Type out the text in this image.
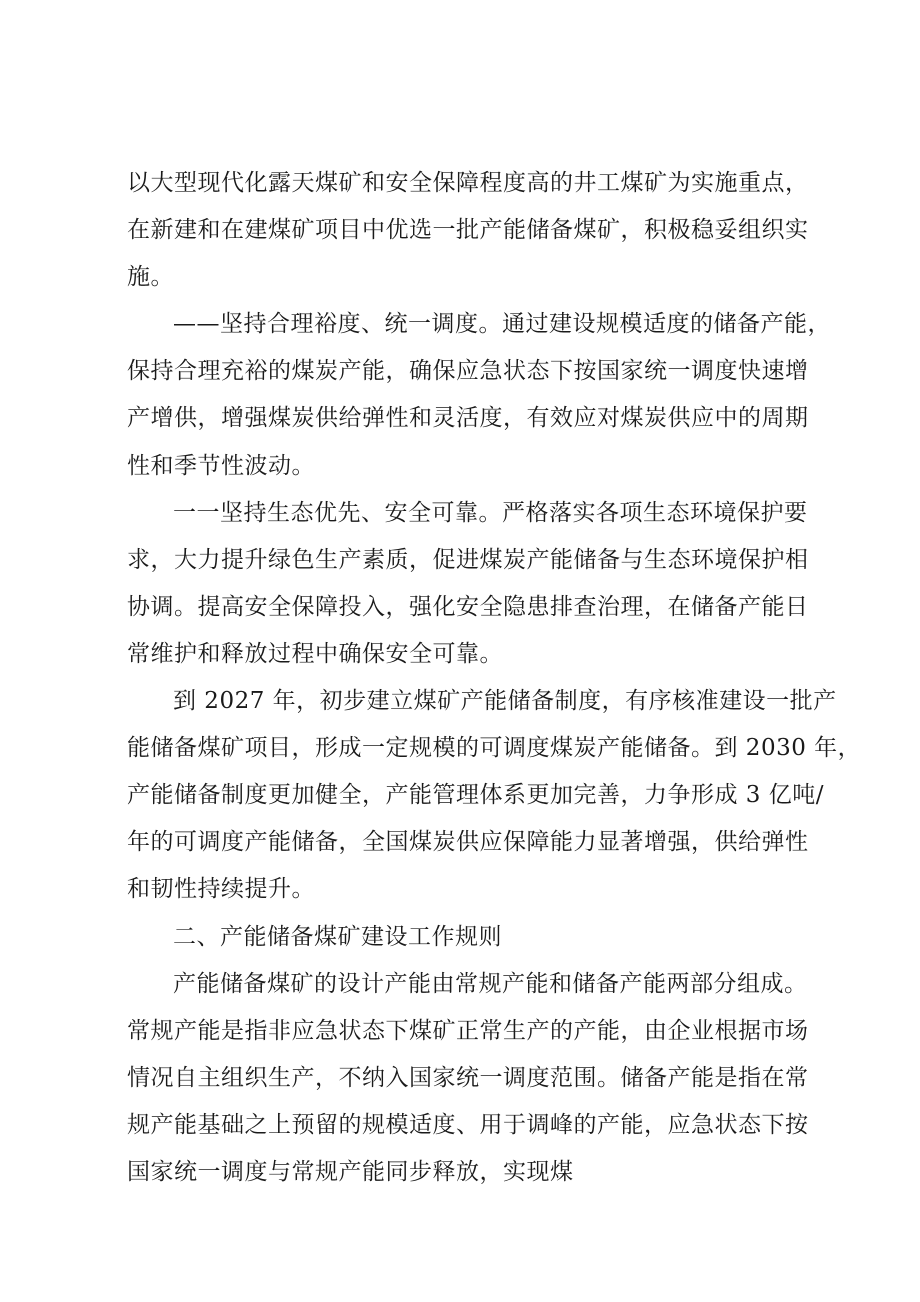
以大型现代化露天煤矿和安全保障程度高的井工煤矿为实施重点，
在新建和在建煤矿项目中优选一批产能储备煤矿，积极稳妥组织实
施。
——坚持合理裕度、统一调度。通过建设规模适度的储备产能，
保持合理充裕的煤炭产能，确保应急状态下按国家统一调度快速增
产增供，增强煤炭供给弹性和灵活度，有效应对煤炭供应中的周期
性和季节性波动。
一一坚持生态优先、安全可靠。严格落实各项生态环境保护要
求，大力提升绿色生产素质，促进煤炭产能储备与生态环境保护相
协调。提高安全保障投入，强化安全隐患排查治理，在储备产能日
常维护和释放过程中确保安全可靠。
到 2027 年，初步建立煤矿产能储备制度，有序核准建设一批产
能储备煤矿项目，形成一定规模的可调度煤炭产能储备。到 2030 年，
产能储备制度更加健全，产能管理体系更加完善，力争形成 3 亿吨/
年的可调度产能储备，全国煤炭供应保障能力显著增强，供给弹性
和韧性持续提升。
二、产能储备煤矿建设工作规则
产能储备煤矿的设计产能由常规产能和储备产能两部分组成。
常规产能是指非应急状态下煤矿正常生产的产能，由企业根据市场
情况自主组织生产，不纳入国家统一调度范围。储备产能是指在常
规产能基础之上预留的规模适度、用于调峰的产能，应急状态下按
国家统一调度与常规产能同步释放，实现煤
